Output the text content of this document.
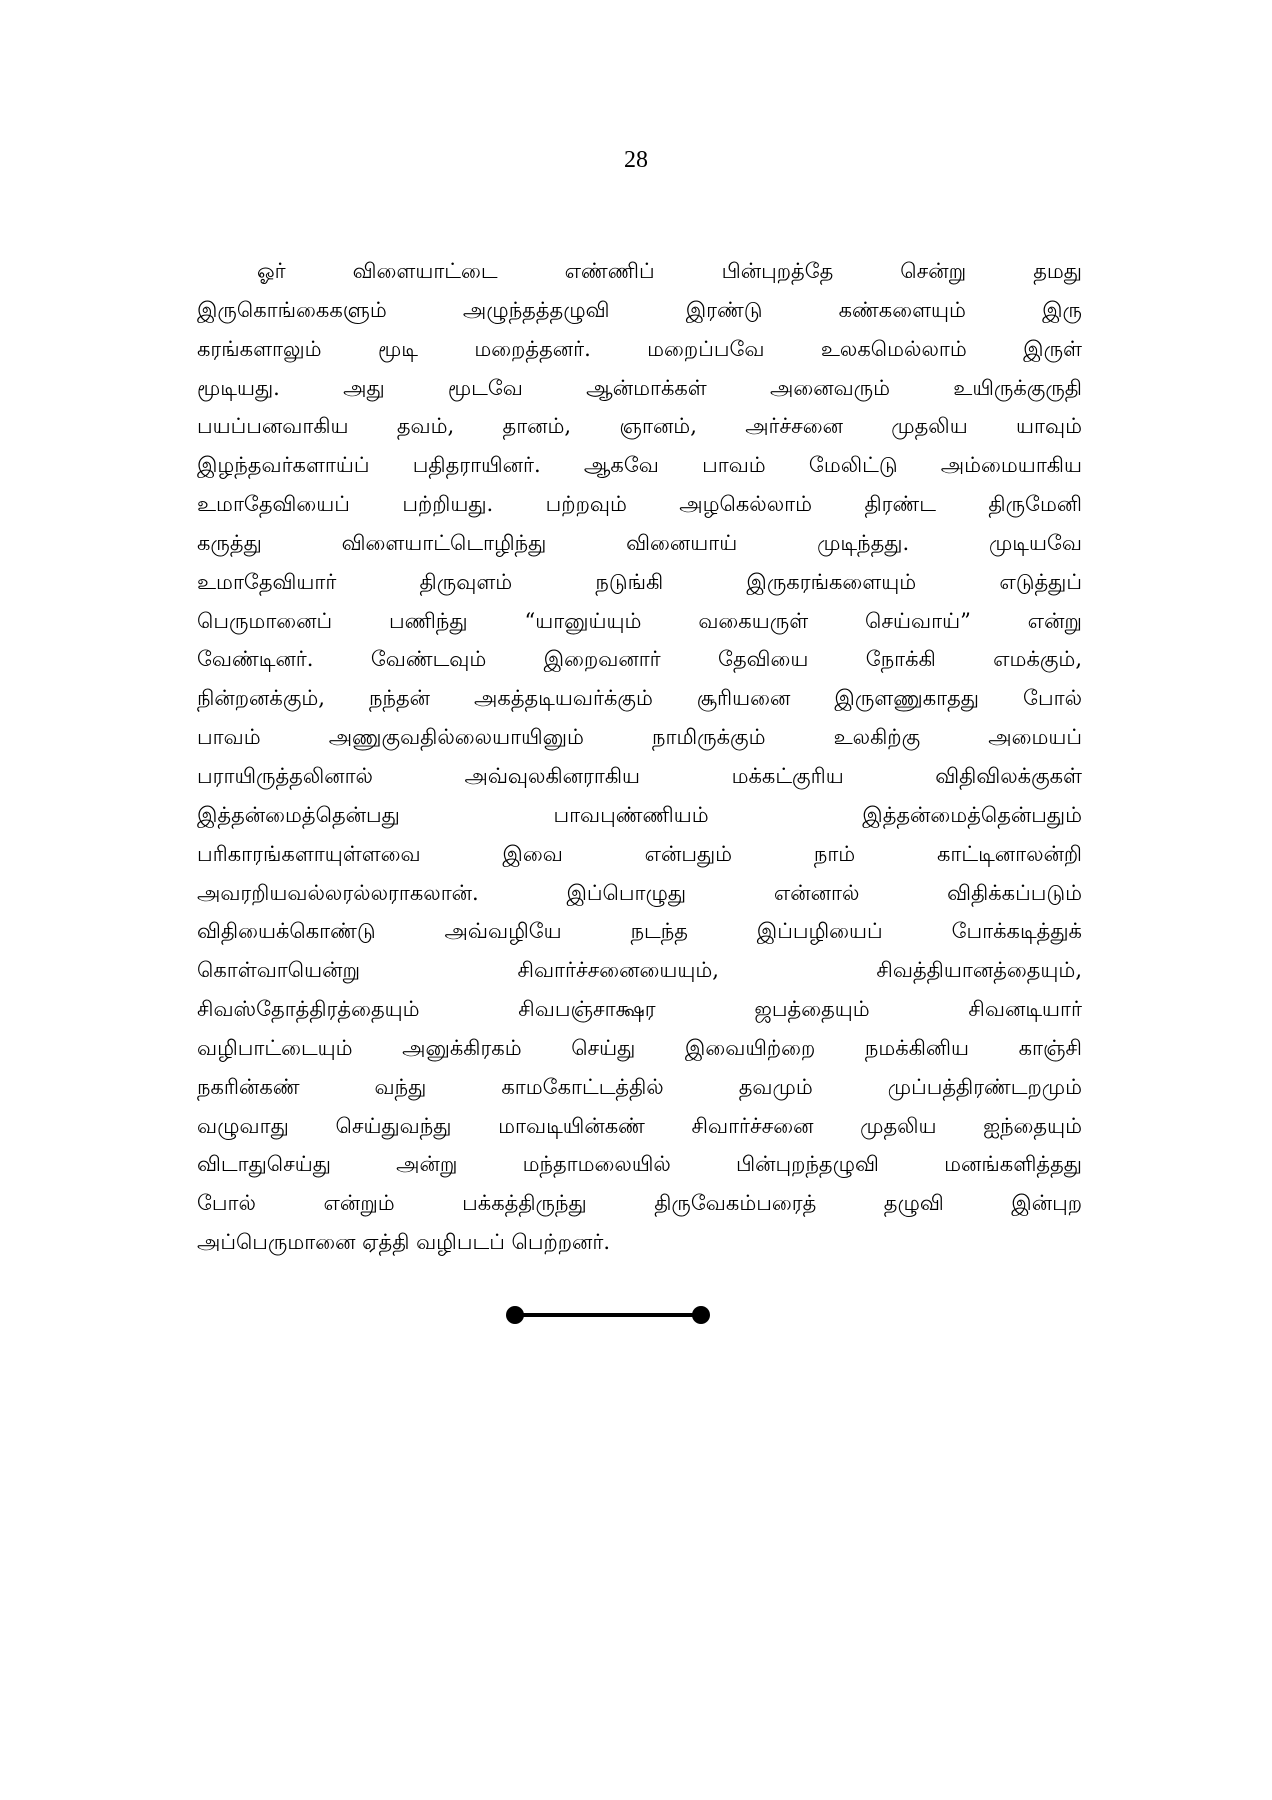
28
ஓர் விளையாட்டை எண்ணிப் பின்புறத்தே சென்று தமது
இருகொங்கைகளும் அழுந்தத்தழுவி இரண்டு கண்களையும் இரு
கரங்களாலும் மூடி மறைத்தனர். மறைப்பவே உலகமெல்லாம் இருள்
மூடியது. அது மூடவே ஆன்மாக்கள் அனைவரும் உயிருக்குருதி
பயப்பனவாகிய தவம், தானம், ஞானம், அர்ச்சனை முதலிய யாவும்
இழந்தவர்களாய்ப் பதிதராயினர். ஆகவே பாவம் மேலிட்டு அம்மையாகிய
உமாதேவியைப் பற்றியது. பற்றவும் அழகெல்லாம் திரண்ட திருமேனி
கருத்து விளையாட்டொழிந்து வினையாய் முடிந்தது. முடியவே
உமாதேவியார் திருவுளம் நடுங்கி இருகரங்களையும் எடுத்துப்
பெருமானைப் பணிந்து “யானுய்யும் வகையருள் செய்வாய்” என்று
வேண்டினர். வேண்டவும் இறைவனார் தேவியை நோக்கி எமக்கும்,
நின்றனக்கும், நந்தன் அகத்தடியவர்க்கும் சூரியனை இருளணுகாதது போல்
பாவம் அணுகுவதில்லையாயினும் நாமிருக்கும் உலகிற்கு அமையப்
பராயிருத்தலினால் அவ்வுலகினராகிய மக்கட்குரிய விதிவிலக்குகள்
இத்தன்மைத்தென்பது பாவபுண்ணியம் இத்தன்மைத்தென்பதும்
பரிகாரங்களாயுள்ளவை இவை என்பதும் நாம் காட்டினாலன்றி
அவரறியவல்லரல்லராகலான். இப்பொழுது என்னால் விதிக்கப்படும்
விதியைக்கொண்டு அவ்வழியே நடந்த இப்பழியைப் போக்கடித்துக்
கொள்வாயென்று சிவார்ச்சனையையும், சிவத்தியானத்தையும்,
சிவஸ்தோத்திரத்தையும் சிவபஞ்சாக்ஷர ஜபத்தையும் சிவனடியார்
வழிபாட்டையும் அனுக்கிரகம் செய்து இவையிற்றை நமக்கினிய காஞ்சி
நகரின்கண் வந்து காமகோட்டத்தில் தவமும் முப்பத்திரண்டறமும்
வழுவாது செய்துவந்து மாவடியின்கண் சிவார்ச்சனை முதலிய ஐந்தையும்
விடாதுசெய்து அன்று மந்தாமலையில் பின்புறந்தழுவி மனங்களித்தது
போல் என்றும் பக்கத்திருந்து திருவேகம்பரைத் தழுவி இன்புற
அப்பெருமானை ஏத்தி வழிபடப் பெற்றனர்.
